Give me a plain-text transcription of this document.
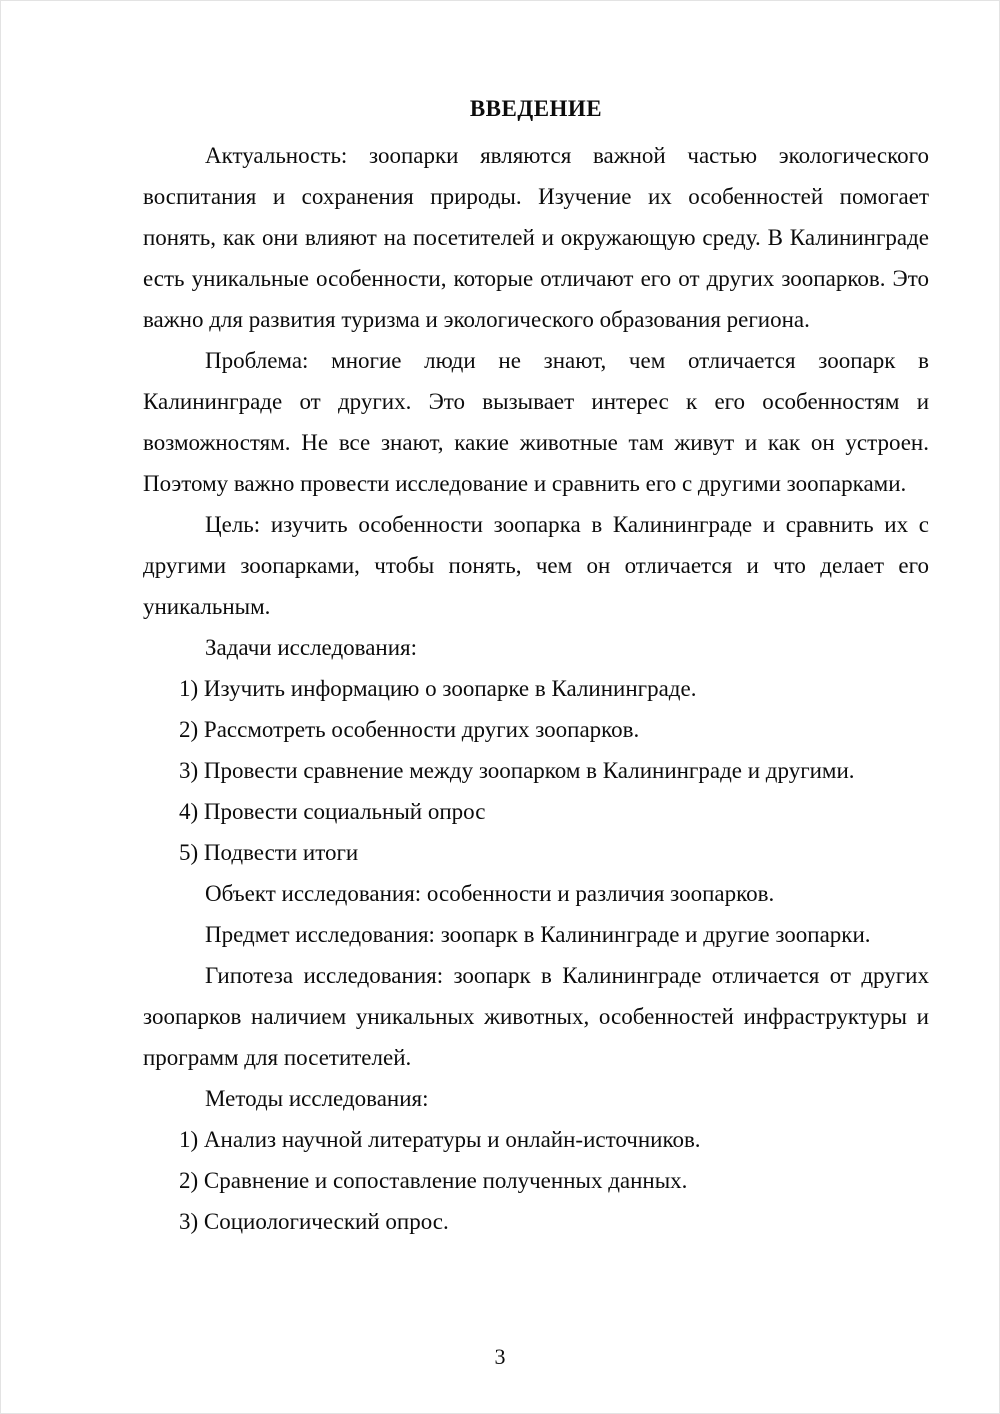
ВВЕДЕНИЕ

Актуальность: зоопарки являются важной частью экологического воспитания и сохранения природы. Изучение их особенностей помогает понять, как они влияют на посетителей и окружающую среду. В Калининграде есть уникальные особенности, которые отличают его от других зоопарков. Это важно для развития туризма и экологического образования региона.

Проблема: многие люди не знают, чем отличается зоопарк в Калининграде от других. Это вызывает интерес к его особенностям и возможностям. Не все знают, какие животные там живут и как он устроен. Поэтому важно провести исследование и сравнить его с другими зоопарками.

Цель: изучить особенности зоопарка в Калининграде и сравнить их с другими зоопарками, чтобы понять, чем он отличается и что делает его уникальным.

Задачи исследования:

1) Изучить информацию о зоопарке в Калининграде.

2) Рассмотреть особенности других зоопарков.

3) Провести сравнение между зоопарком в Калининграде и другими.

4) Провести социальный опрос

5) Подвести итоги

Объект исследования: особенности и различия зоопарков.

Предмет исследования: зоопарк в Калининграде и другие зоопарки.

Гипотеза исследования: зоопарк в Калининграде отличается от других зоопарков наличием уникальных животных, особенностей инфраструктуры и программ для посетителей.

Методы исследования:

1) Анализ научной литературы и онлайн-источников.

2) Сравнение и сопоставление полученных данных.

3) Социологический опрос.

3
